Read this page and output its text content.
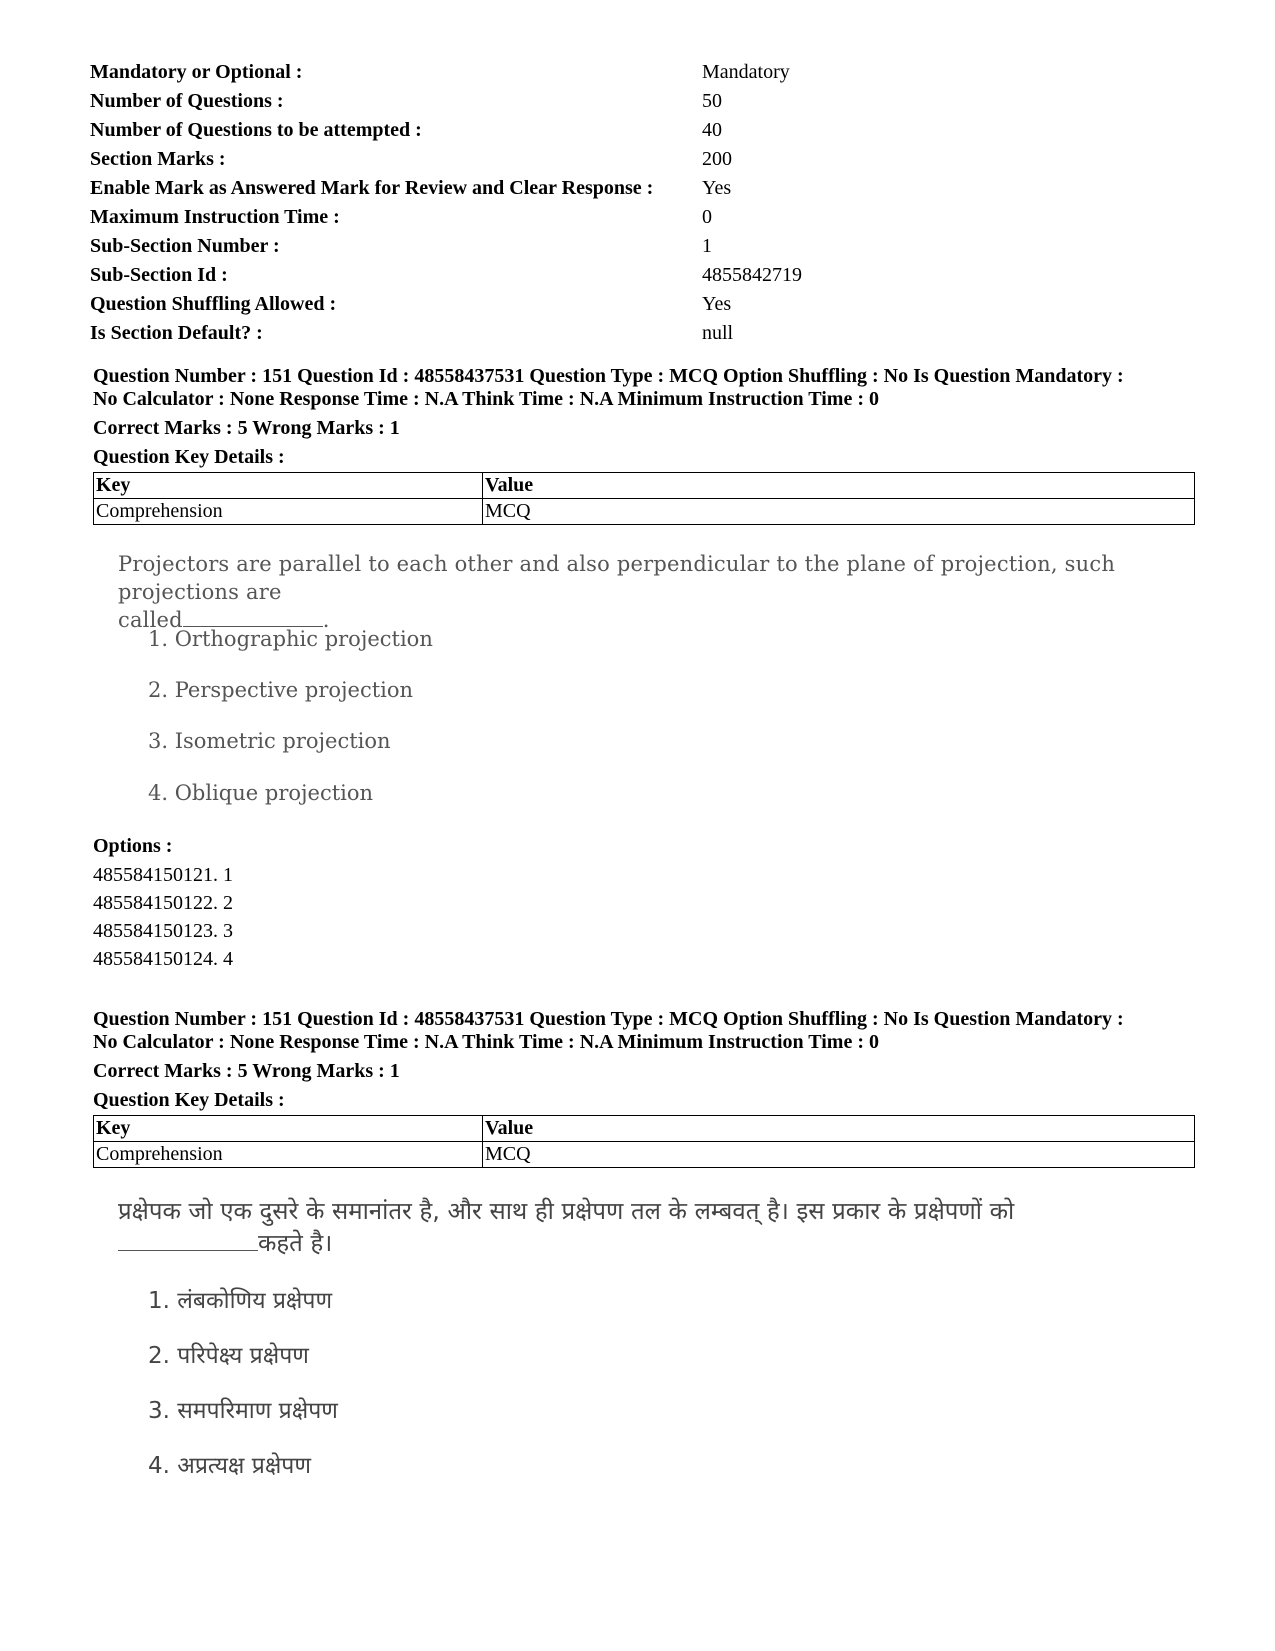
Mandatory or Optional :	Mandatory
Number of Questions :	50
Number of Questions to be attempted :	40
Section Marks :	200
Enable Mark as Answered Mark for Review and Clear Response : Yes
Maximum Instruction Time :	0
Sub-Section Number :	1
Sub-Section Id :	4855842719
Question Shuffling Allowed :	Yes
Is Section Default? :	null
Question Number : 151 Question Id : 48558437531 Question Type : MCQ Option Shuffling : No Is Question Mandatory :
No Calculator : None Response Time : N.A Think Time : N.A Minimum Instruction Time : 0
Correct Marks : 5 Wrong Marks : 1
Question Key Details :
Key	Value
Comprehension	MCQ
Projectors are parallel to each other and also perpendicular to the plane of projection, such projections are
called	.
1. Orthographic projection
2. Perspective projection
3. Isometric projection
4. Oblique projection
Options :
485584150121. 1
485584150122. 2
485584150123. 3
485584150124. 4
Question Number : 151 Question Id : 48558437531 Question Type : MCQ Option Shuffling : No Is Question Mandatory :
No Calculator : None Response Time : N.A Think Time : N.A Minimum Instruction Time : 0
Correct Marks : 5 Wrong Marks : 1
Question Key Details :
Key	Value
Comprehension	MCQ
प्रक्षेपक जो एक दुसरे के समानांतर है, और साथ ही प्रक्षेपण तल के लम्बवत् है। इस प्रकार के प्रक्षेपणों को
कहते है।
1. लंबकोणिय प्रक्षेपण
2. परिपेक्ष्य प्रक्षेपण
3. समपरिमाण प्रक्षेपण
4. अप्रत्यक्ष प्रक्षेपण
